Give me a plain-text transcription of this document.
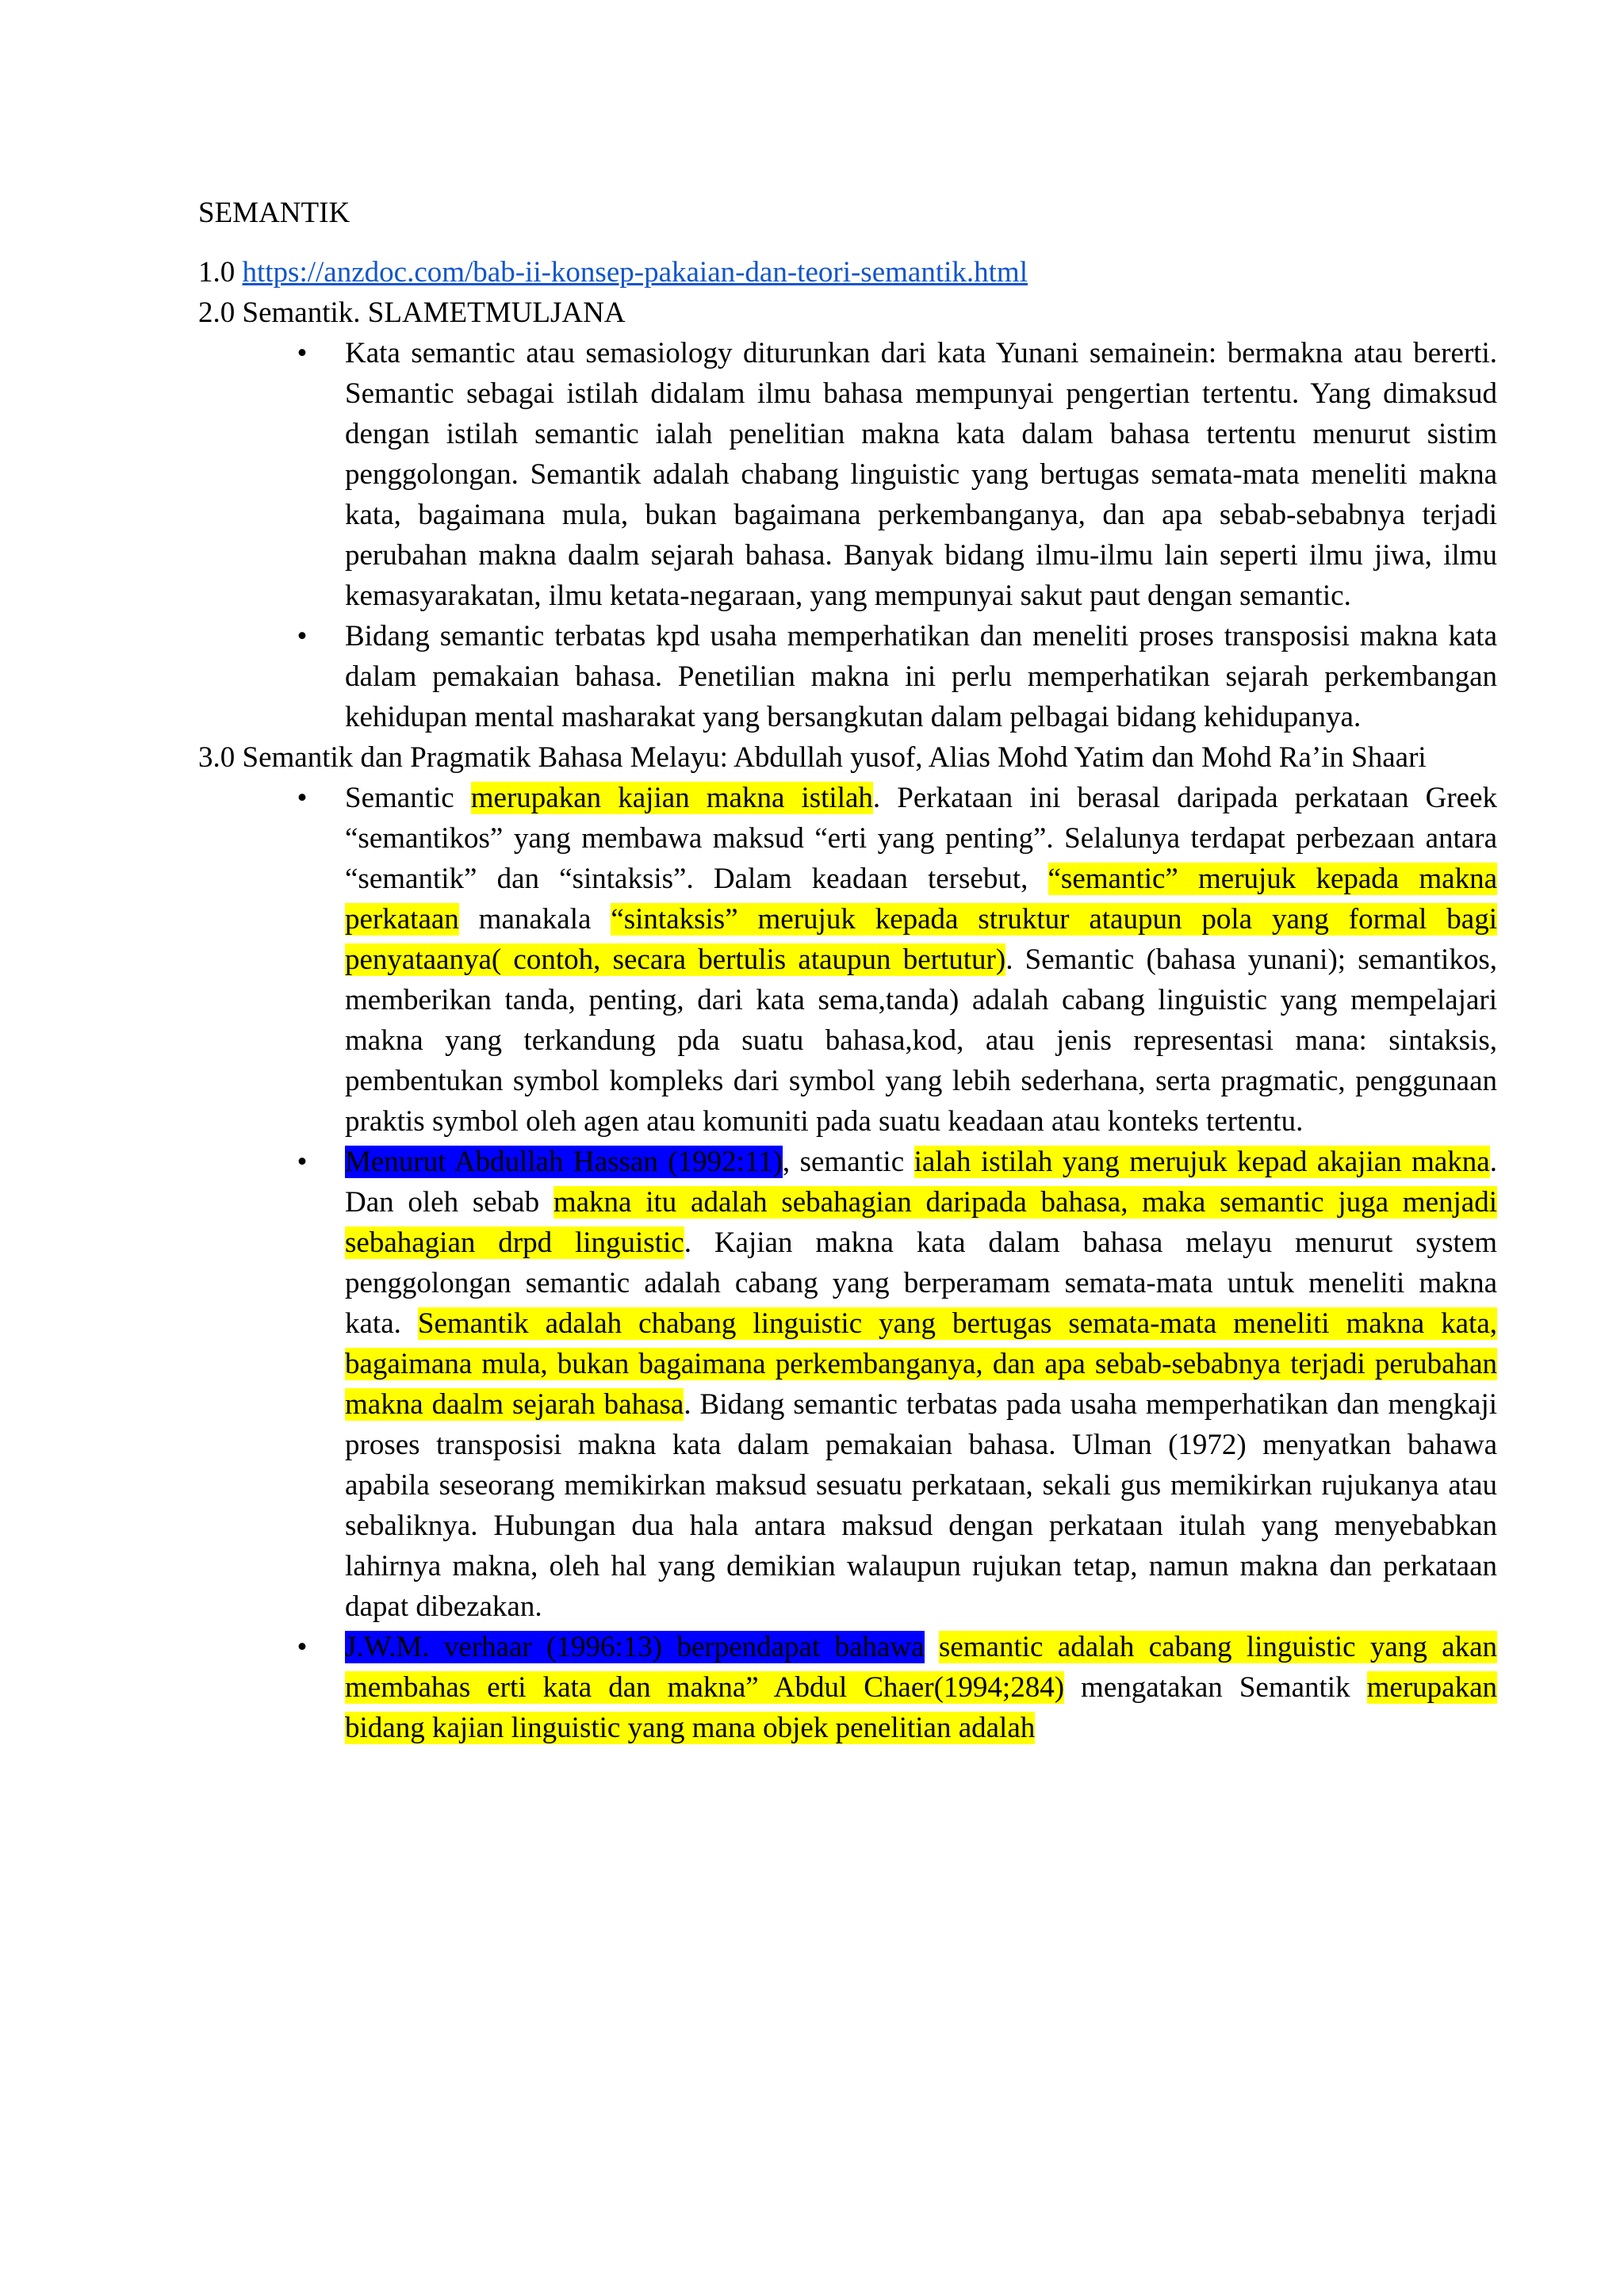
SEMANTIK
1.0 https://anzdoc.com/bab-ii-konsep-pakaian-dan-teori-semantik.html
2.0 Semantik. SLAMETMULJANA
• Kata semantic atau semasiology diturunkan dari kata Yunani semainein: bermakna atau bererti. Semantic sebagai istilah didalam ilmu bahasa mempunyai pengertian tertentu. Yang dimaksud dengan istilah semantic ialah penelitian makna kata dalam bahasa tertentu menurut sistim penggolongan. Semantik adalah chabang linguistic yang bertugas semata-mata meneliti makna kata, bagaimana mula, bukan bagaimana perkembanganya, dan apa sebab-sebabnya terjadi perubahan makna daalm sejarah bahasa. Banyak bidang ilmu-ilmu lain seperti ilmu jiwa, ilmu kemasyarakatan, ilmu ketata-negaraan, yang mempunyai sakut paut dengan semantic.
• Bidang semantic terbatas kpd usaha memperhatikan dan meneliti proses transposisi makna kata dalam pemakaian bahasa. Penetilian makna ini perlu memperhatikan sejarah perkembangan kehidupan mental masharakat yang bersangkutan dalam pelbagai bidang kehidupanya.
3.0 Semantik dan Pragmatik Bahasa Melayu: Abdullah yusof, Alias Mohd Yatim dan Mohd Ra’in Shaari
• Semantic merupakan kajian makna istilah. Perkataan ini berasal daripada perkataan Greek “semantikos” yang membawa maksud “erti yang penting”. Selalunya terdapat perbezaan antara “semantik” dan “sintaksis”. Dalam keadaan tersebut, “semantic” merujuk kepada makna perkataan manakala “sintaksis” merujuk kepada struktur ataupun pola yang formal bagi penyataanya( contoh, secara bertulis ataupun bertutur). Semantic (bahasa yunani); semantikos, memberikan tanda, penting, dari kata sema,tanda) adalah cabang linguistic yang mempelajari makna yang terkandung pda suatu bahasa,kod, atau jenis representasi mana: sintaksis, pembentukan symbol kompleks dari symbol yang lebih sederhana, serta pragmatic, penggunaan praktis symbol oleh agen atau komuniti pada suatu keadaan atau konteks tertentu.
• Menurut Abdullah Hassan (1992:11), semantic ialah istilah yang merujuk kepad akajian makna. Dan oleh sebab makna itu adalah sebahagian daripada bahasa, maka semantic juga menjadi sebahagian drpd linguistic. Kajian makna kata dalam bahasa melayu menurut system penggolongan semantic adalah cabang yang berperamam semata-mata untuk meneliti makna kata. Semantik adalah chabang linguistic yang bertugas semata-mata meneliti makna kata, bagaimana mula, bukan bagaimana perkembanganya, dan apa sebab-sebabnya terjadi perubahan makna daalm sejarah bahasa. Bidang semantic terbatas pada usaha memperhatikan dan mengkaji proses transposisi makna kata dalam pemakaian bahasa. Ulman (1972) menyatkan bahawa apabila seseorang memikirkan maksud sesuatu perkataan, sekali gus memikirkan rujukanya atau sebaliknya. Hubungan dua hala antara maksud dengan perkataan itulah yang menyebabkan lahirnya makna, oleh hal yang demikian walaupun rujukan tetap, namun makna dan perkataan dapat dibezakan.
• J.W.M. verhaar (1996:13) berpendapat bahawa semantic adalah cabang linguistic yang akan membahas erti kata dan makna” Abdul Chaer(1994;284) mengatakan Semantik merupakan bidang kajian linguistic yang mana objek penelitian adalah
